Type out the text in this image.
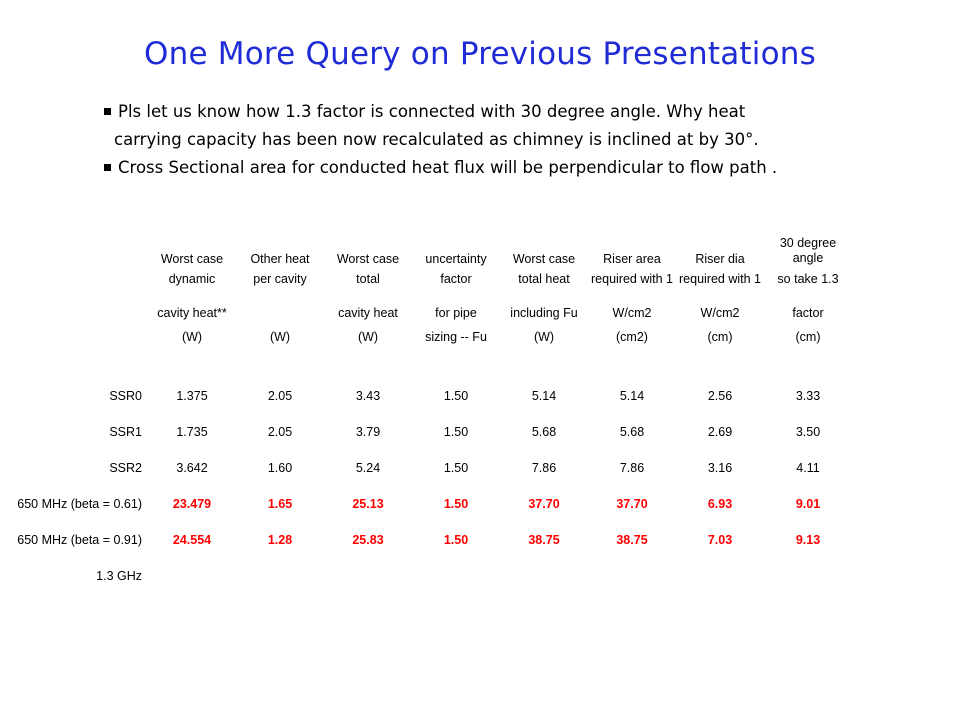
One More Query on Previous Presentations
Pls let us know how 1.3 factor is connected with 30 degree angle. Why heat
carrying capacity has been now recalculated as chimney is inclined at by 30°.
Cross Sectional area for conducted heat flux will be perpendicular to flow path .
	Worst case	Other heat	Worst case	uncertainty	Worst case	Riser area	Riser dia	30 degree angle
	dynamic	per cavity	total	factor	total heat	required with 1	required with 1	so take 1.3
	cavity heat**		cavity heat	for pipe	including Fu	W/cm2	W/cm2	factor
	(W)	(W)	(W)	sizing -- Fu	(W)	(cm2)	(cm)	(cm)

SSR0	1.375	2.05	3.43	1.50	5.14	5.14	2.56	3.33
SSR1	1.735	2.05	3.79	1.50	5.68	5.68	2.69	3.50
SSR2	3.642	1.60	5.24	1.50	7.86	7.86	3.16	4.11
650 MHz (beta = 0.61)	23.479	1.65	25.13	1.50	37.70	37.70	6.93	9.01
650 MHz (beta = 0.91)	24.554	1.28	25.83	1.50	38.75	38.75	7.03	9.13
1.3 GHz								
